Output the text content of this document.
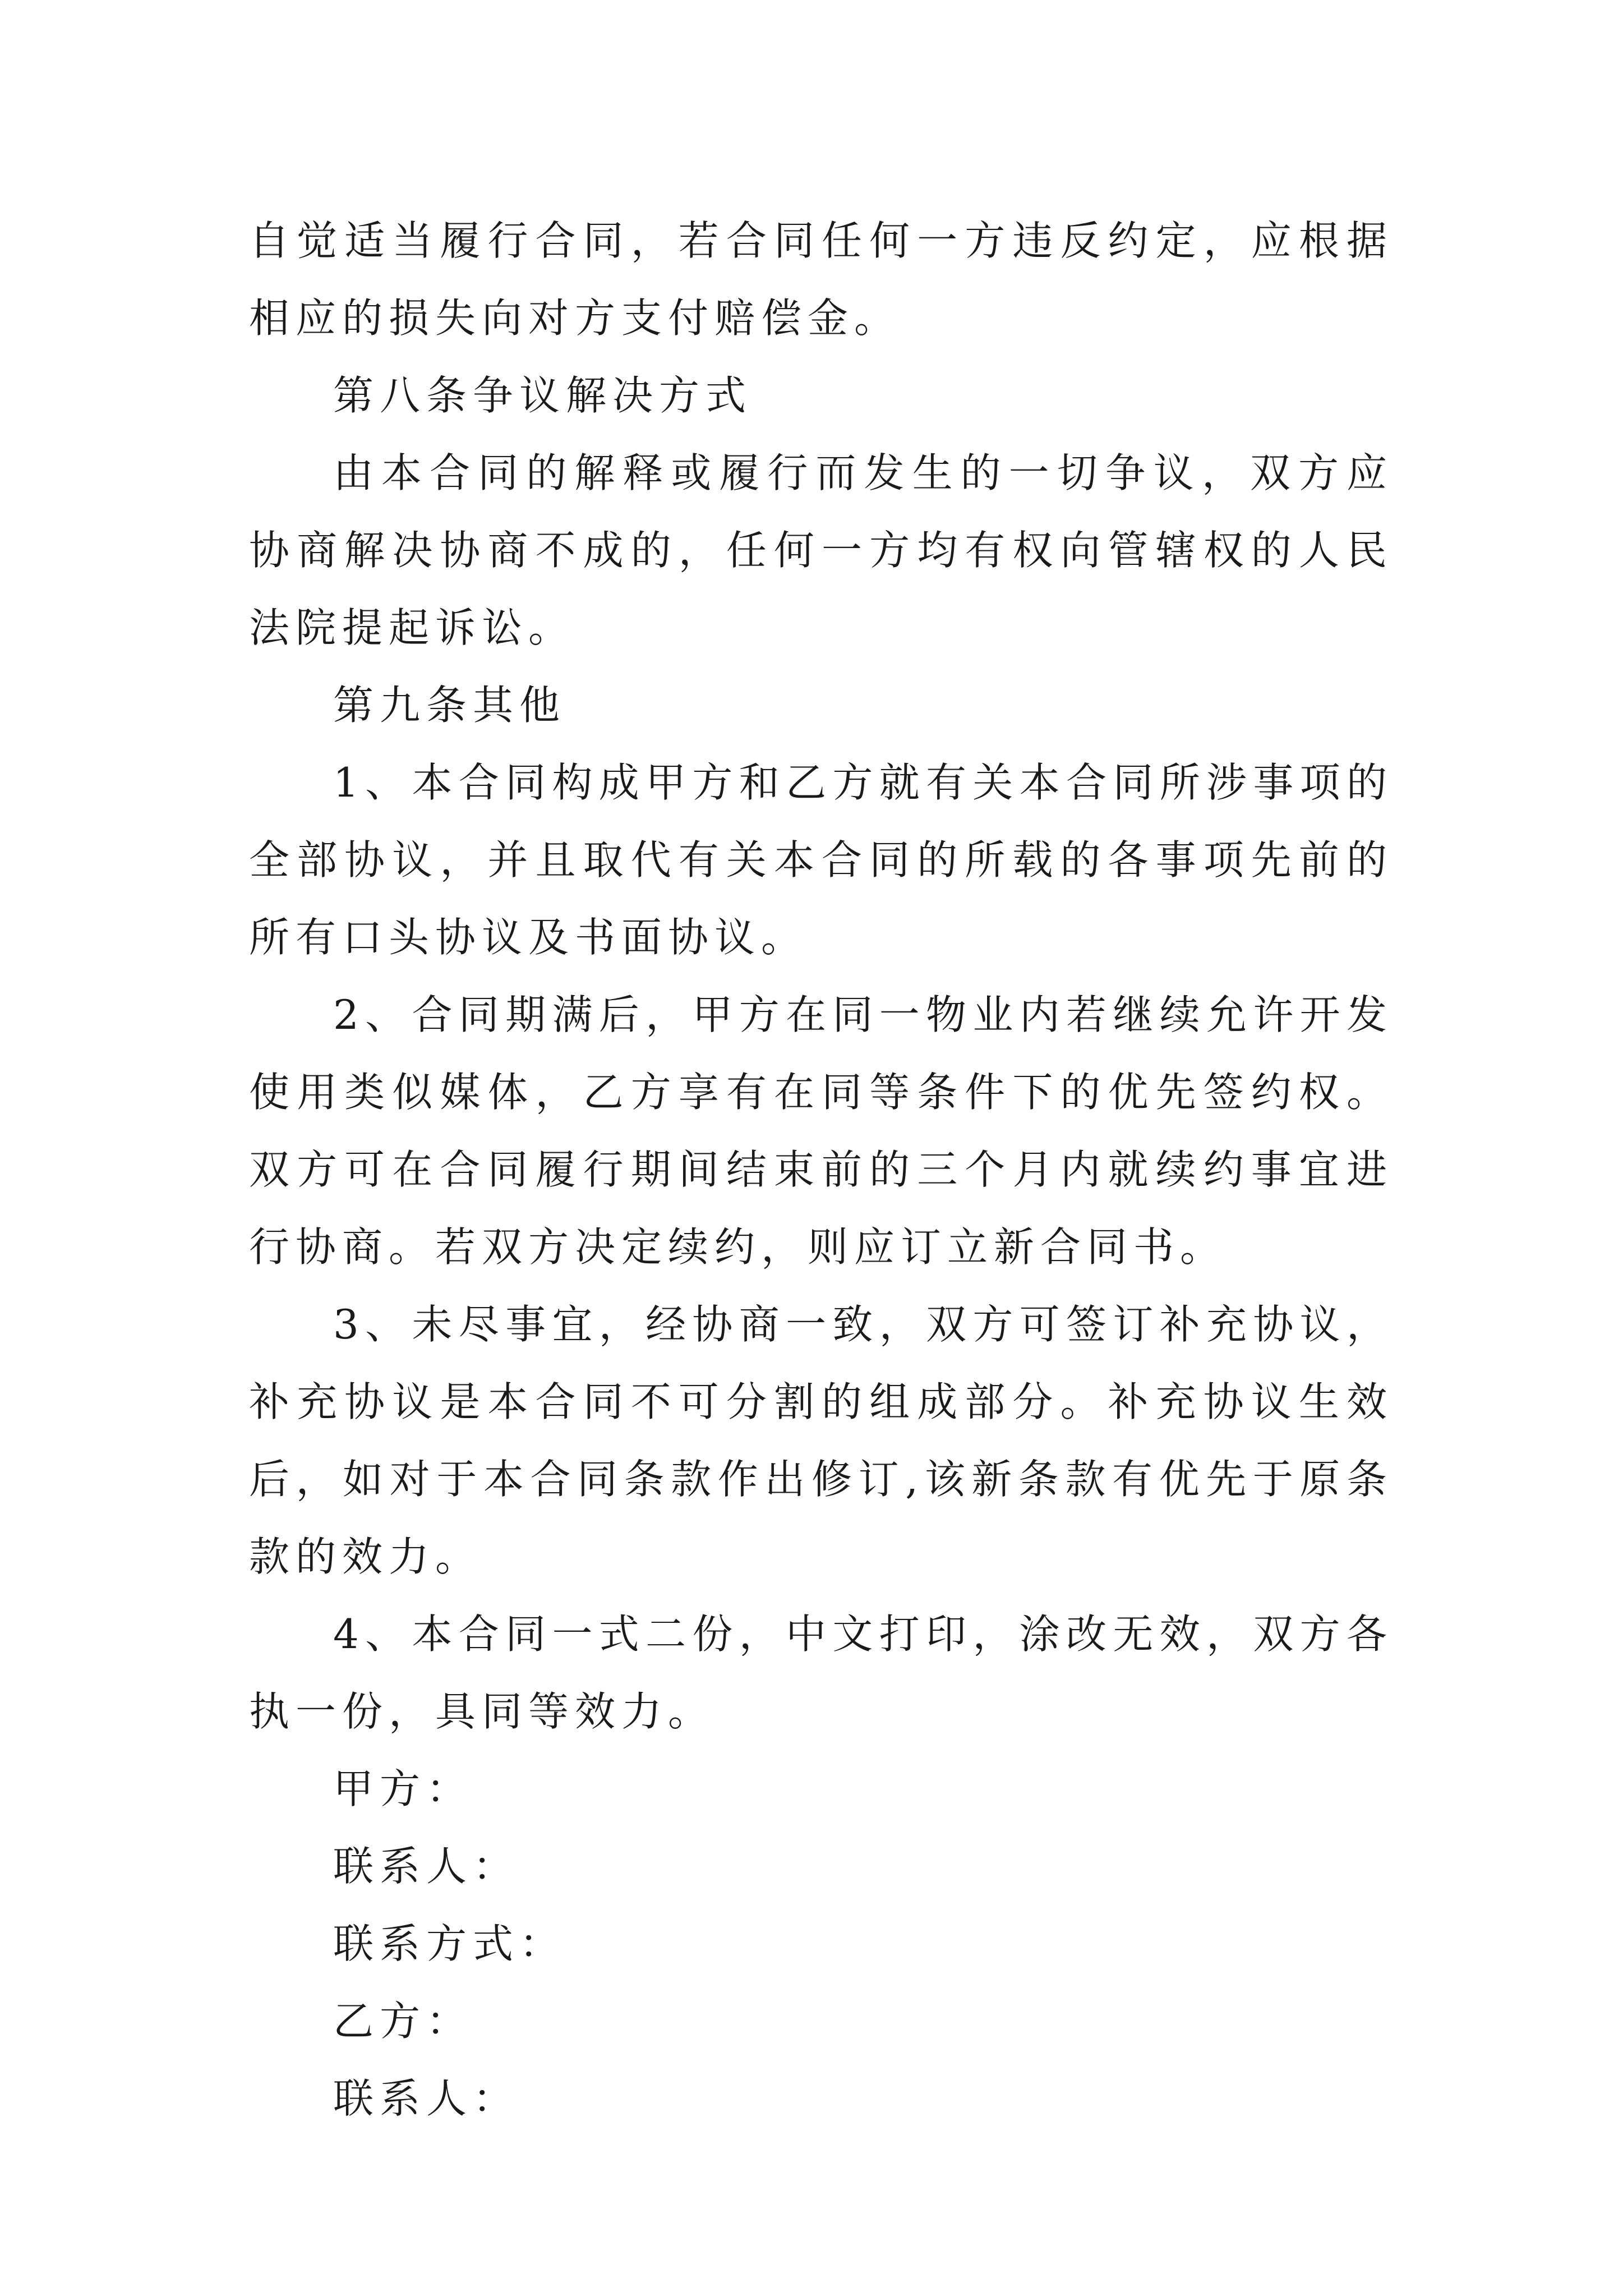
自觉适当履行合同，若合同任何一方违反约定，应根据相应的损失向对方支付赔偿金。

第八条争议解决方式

由本合同的解释或履行而发生的一切争议，双方应协商解决协商不成的，任何一方均有权向管辖权的人民法院提起诉讼。

第九条其他

1、本合同构成甲方和乙方就有关本合同所涉事项的全部协议，并且取代有关本合同的所载的各事项先前的所有口头协议及书面协议。

2、合同期满后，甲方在同一物业内若继续允许开发使用类似媒体，乙方享有在同等条件下的优先签约权。双方可在合同履行期间结束前的三个月内就续约事宜进行协商。若双方决定续约，则应订立新合同书。

3、未尽事宜，经协商一致，双方可签订补充协议，补充协议是本合同不可分割的组成部分。补充协议生效后，如对于本合同条款作出修订,该新条款有优先于原条款的效力。

4、本合同一式二份，中文打印，涂改无效，双方各执一份，具同等效力。

甲方：

联系人：

联系方式：

乙方：

联系人：
